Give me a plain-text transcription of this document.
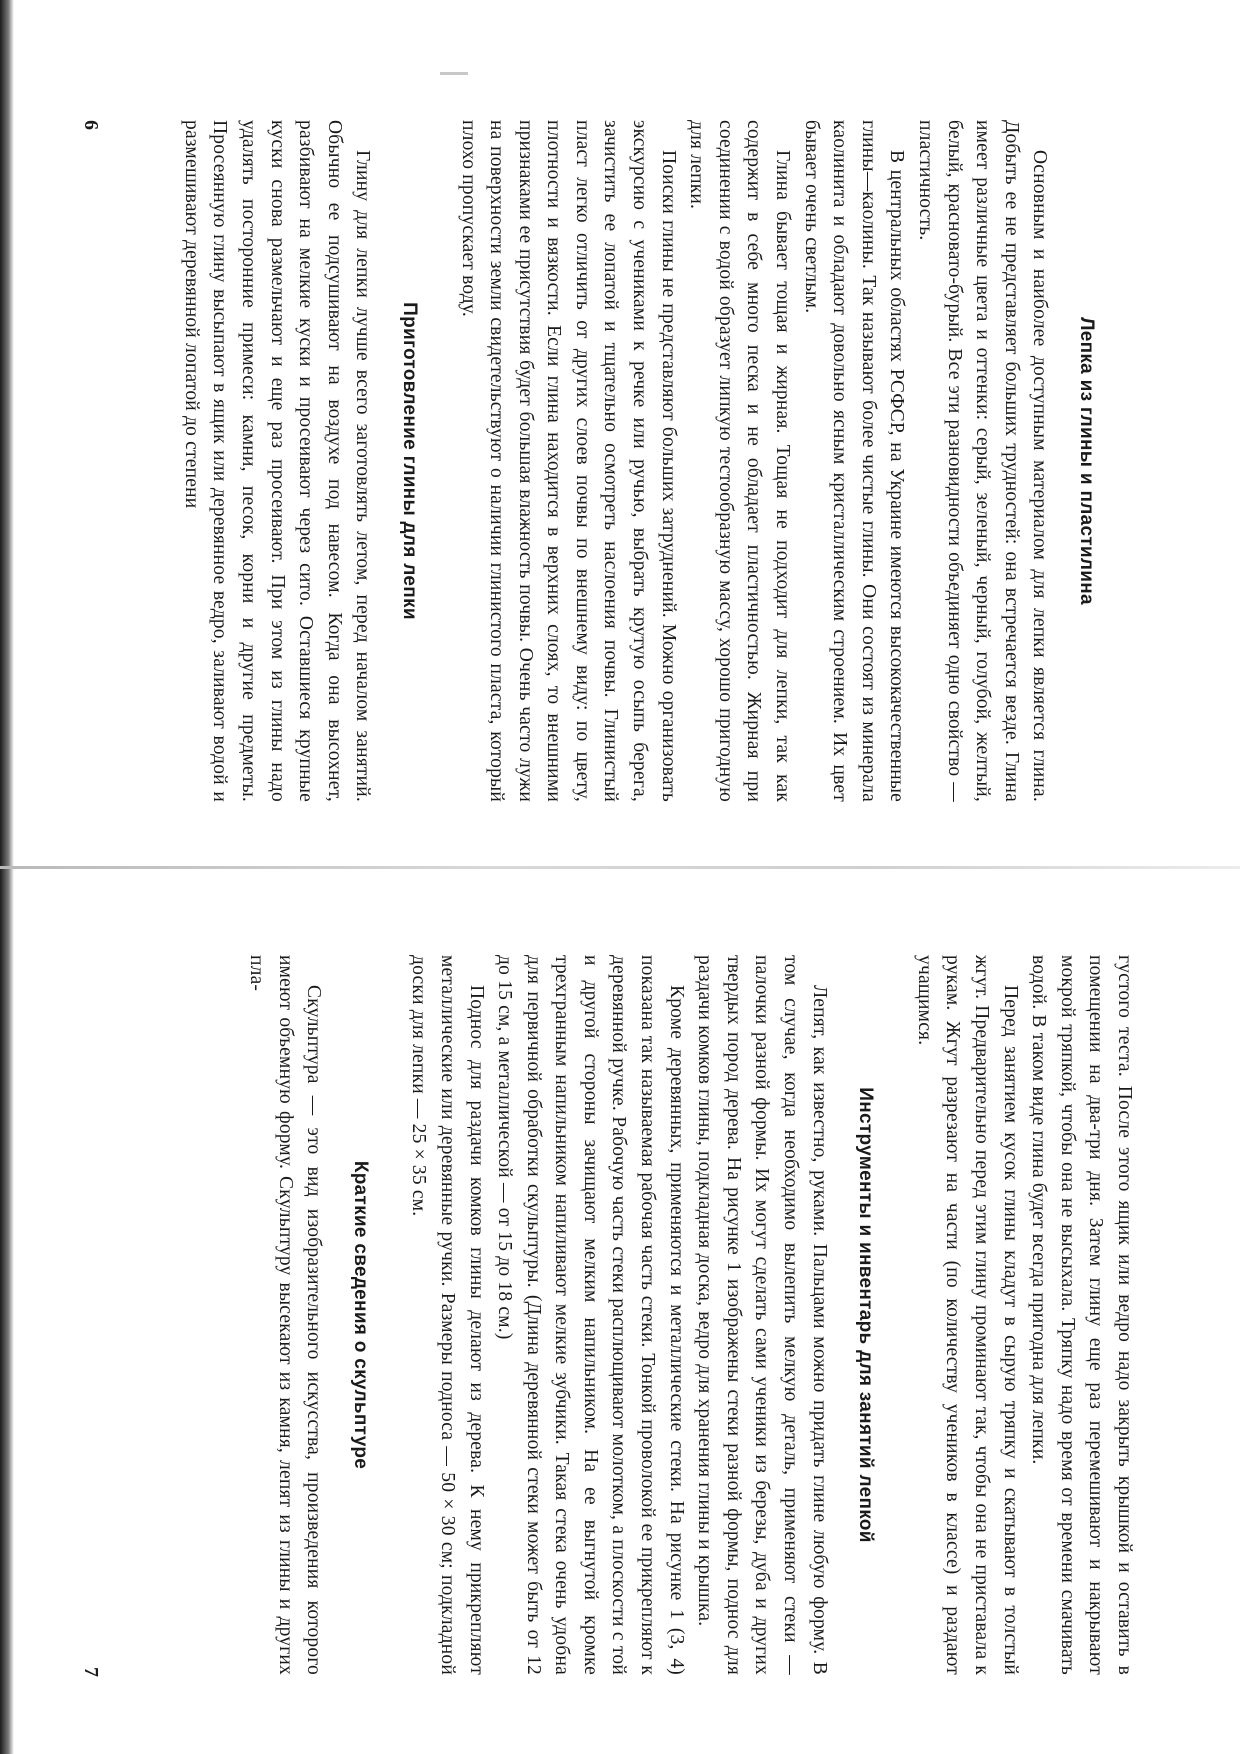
Лепка из глины и пластилина

Основным и наиболее доступным материалом для лепки является глина. Добыть ее не представляет больших трудностей: она встречается везде. Глина имеет различные цвета и оттенки: серый, зеленый, черный, голубой, желтый, белый, красновато-бурый. Все эти разновидности объединяет одно свойство — пластичность.

В центральных областях РСФСР, на Украине имеются высококачественные глины—каолины. Так называют более чистые глины. Они состоят из минерала каолинита и обладают довольно ясным кристаллическим строением. Их цвет бывает очень светлым.

Глина бывает тощая и жирная. Тощая не подходит для лепки, так как содержит в себе много песка и не обладает пластичностью. Жирная при соединении с водой образует липкую тестообразную массу, хорошо пригодную для лепки.

Поиски глины не представляют больших затруднений. Можно организовать экскурсию с учениками к речке или ручью, выбрать крутую осыпь берега, зачистить ее лопатой и тщательно осмотреть наслоения почвы. Глинистый пласт легко отличить от других слоев почвы по внешнему виду: по цвету, плотности и вязкости. Если глина находится в верхних слоях, то внешними признаками ее присутствия будет большая влажность почвы. Очень часто лужи на поверхности земли свидетельствуют о наличии глинистого пласта, который плохо пропускает воду.

Приготовление глины для лепки

Глину для лепки лучше всего заготовлять летом, перед началом занятий. Обычно ее подсушивают на воздухе под навесом. Когда она высохнет, разбивают на мелкие куски и просеивают через сито. Оставшиеся крупные куски снова размельчают и еще раз просеивают. При этом из глины надо удалять посторонние примеси: камни, песок, корни и другие предметы. Просеянную глину высыпают в ящик или деревянное ведро, заливают водой и размешивают деревянной лопатой до степени

6

густого теста. После этого ящик или ведро надо закрыть крышкой и оставить в помещении на два-три дня. Затем глину еще раз перемешивают и накрывают мокрой тряпкой, чтобы она не высыхала. Тряпку надо время от времени смачивать водой. В таком виде глина будет всегда пригодна для лепки.

Перед занятием кусок глины кладут в сырую тряпку и скатывают в толстый жгут. Предварительно перед этим глину проминают так, чтобы она не приставала к рукам. Жгут разрезают на части (по количеству учеников в классе) и раздают учащимся.

Инструменты и инвентарь для занятий лепкой

Лепят, как известно, руками. Пальцами можно придать глине любую форму. В том случае, когда необходимо вылепить мелкую деталь, применяют стеки — палочки разной формы. Их могут сделать сами ученики из березы, дуба и других твердых пород дерева. На рисунке 1 изображены стеки разной формы, поднос для раздачи комков глины, подкладная доска, ведро для хранения глины и крышка.

Кроме деревянных, применяются и металлические стеки. На рисунке 1 (3, 4) показана так называемая рабочая часть стеки. Тонкой проволокой ее прикрепляют к деревянной ручке. Рабочую часть стеки расплющивают молотком, а плоскости с той и другой стороны зачищают мелким напильником. На ее выгнутой кромке трехгранным напильником напиливают мелкие зубчики. Такая стека очень удобна для первичной обработки скульптуры. (Длина деревянной стеки может быть от 12 до 15 см, а металлической — от 15 до 18 см.)

Поднос для раздачи комков глины делают из дерева. К нему прикрепляют металлические или деревянные ручки. Размеры подноса — 50 × 30 см; подкладной доски для лепки — 25 × 35 см.

Краткие сведения о скульптуре

Скульптура — это вид изобразительного искусства, произведения которого имеют объемную форму. Скульптуру высекают из камня, лепят из глины и других пла-

7
